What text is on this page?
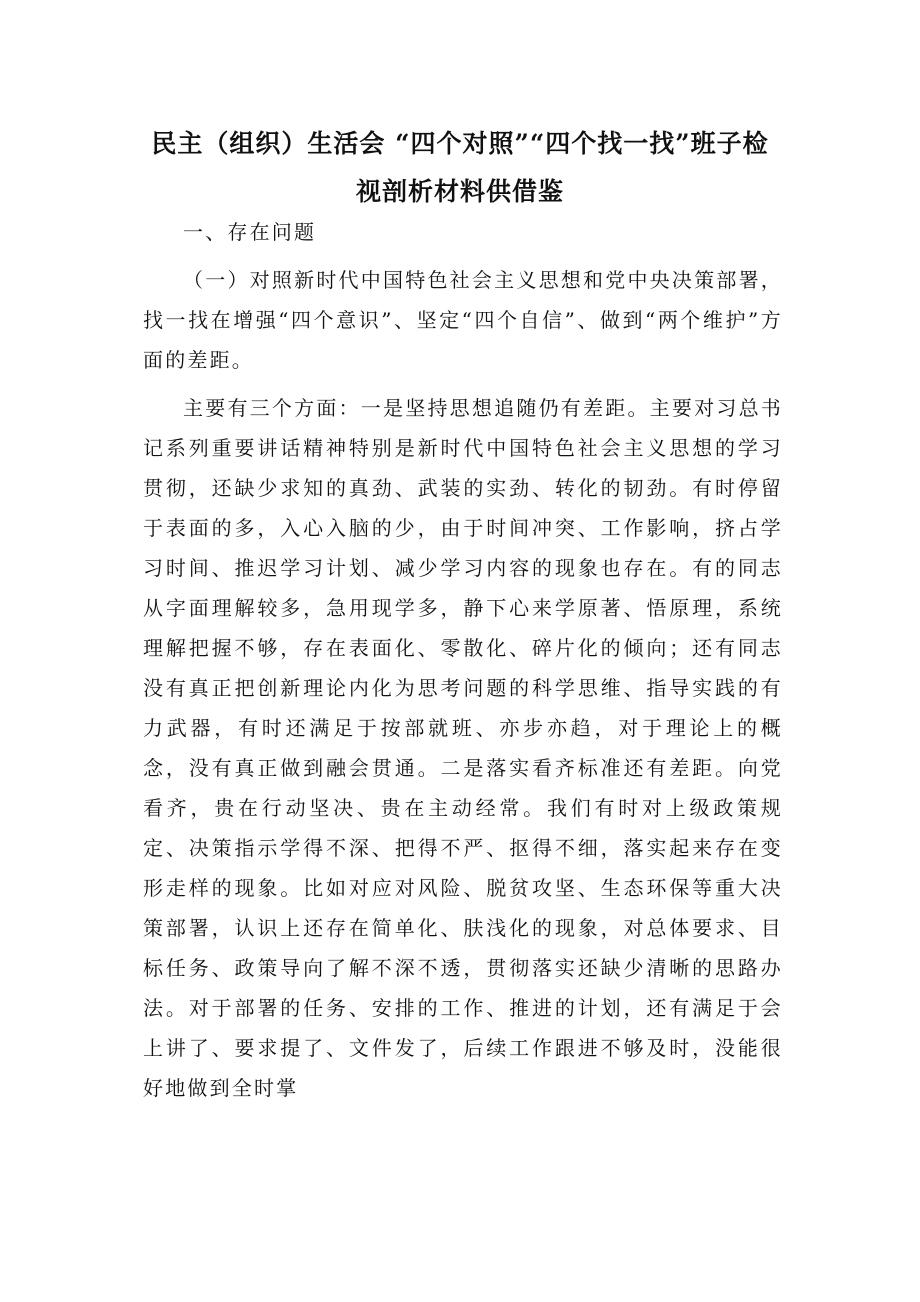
民主（组织）生活会 “四个对照”“四个找一找”班子检
视剖析材料供借鉴

一、存在问题

（一）对照新时代中国特色社会主义思想和党中央决策部署，找一找在增强“四个意识”、坚定“四个自信”、做到“两个维护”方面的差距。

主要有三个方面：一是坚持思想追随仍有差距。主要对习总书记系列重要讲话精神特别是新时代中国特色社会主义思想的学习贯彻，还缺少求知的真劲、武装的实劲、转化的韧劲。有时停留于表面的多，入心入脑的少，由于时间冲突、工作影响，挤占学习时间、推迟学习计划、减少学习内容的现象也存在。有的同志从字面理解较多，急用现学多，静下心来学原著、悟原理，系统理解把握不够，存在表面化、零散化、碎片化的倾向；还有同志没有真正把创新理论内化为思考问题的科学思维、指导实践的有力武器，有时还满足于按部就班、亦步亦趋，对于理论上的概念，没有真正做到融会贯通。二是落实看齐标准还有差距。向党看齐，贵在行动坚决、贵在主动经常。我们有时对上级政策规定、决策指示学得不深、把得不严、抠得不细，落实起来存在变形走样的现象。比如对应对风险、脱贫攻坚、生态环保等重大决策部署，认识上还存在简单化、肤浅化的现象，对总体要求、目标任务、政策导向了解不深不透，贯彻落实还缺少清晰的思路办法。对于部署的任务、安排的工作、推进的计划，还有满足于会上讲了、要求提了、文件发了，后续工作跟进不够及时，没能很好地做到全时掌
